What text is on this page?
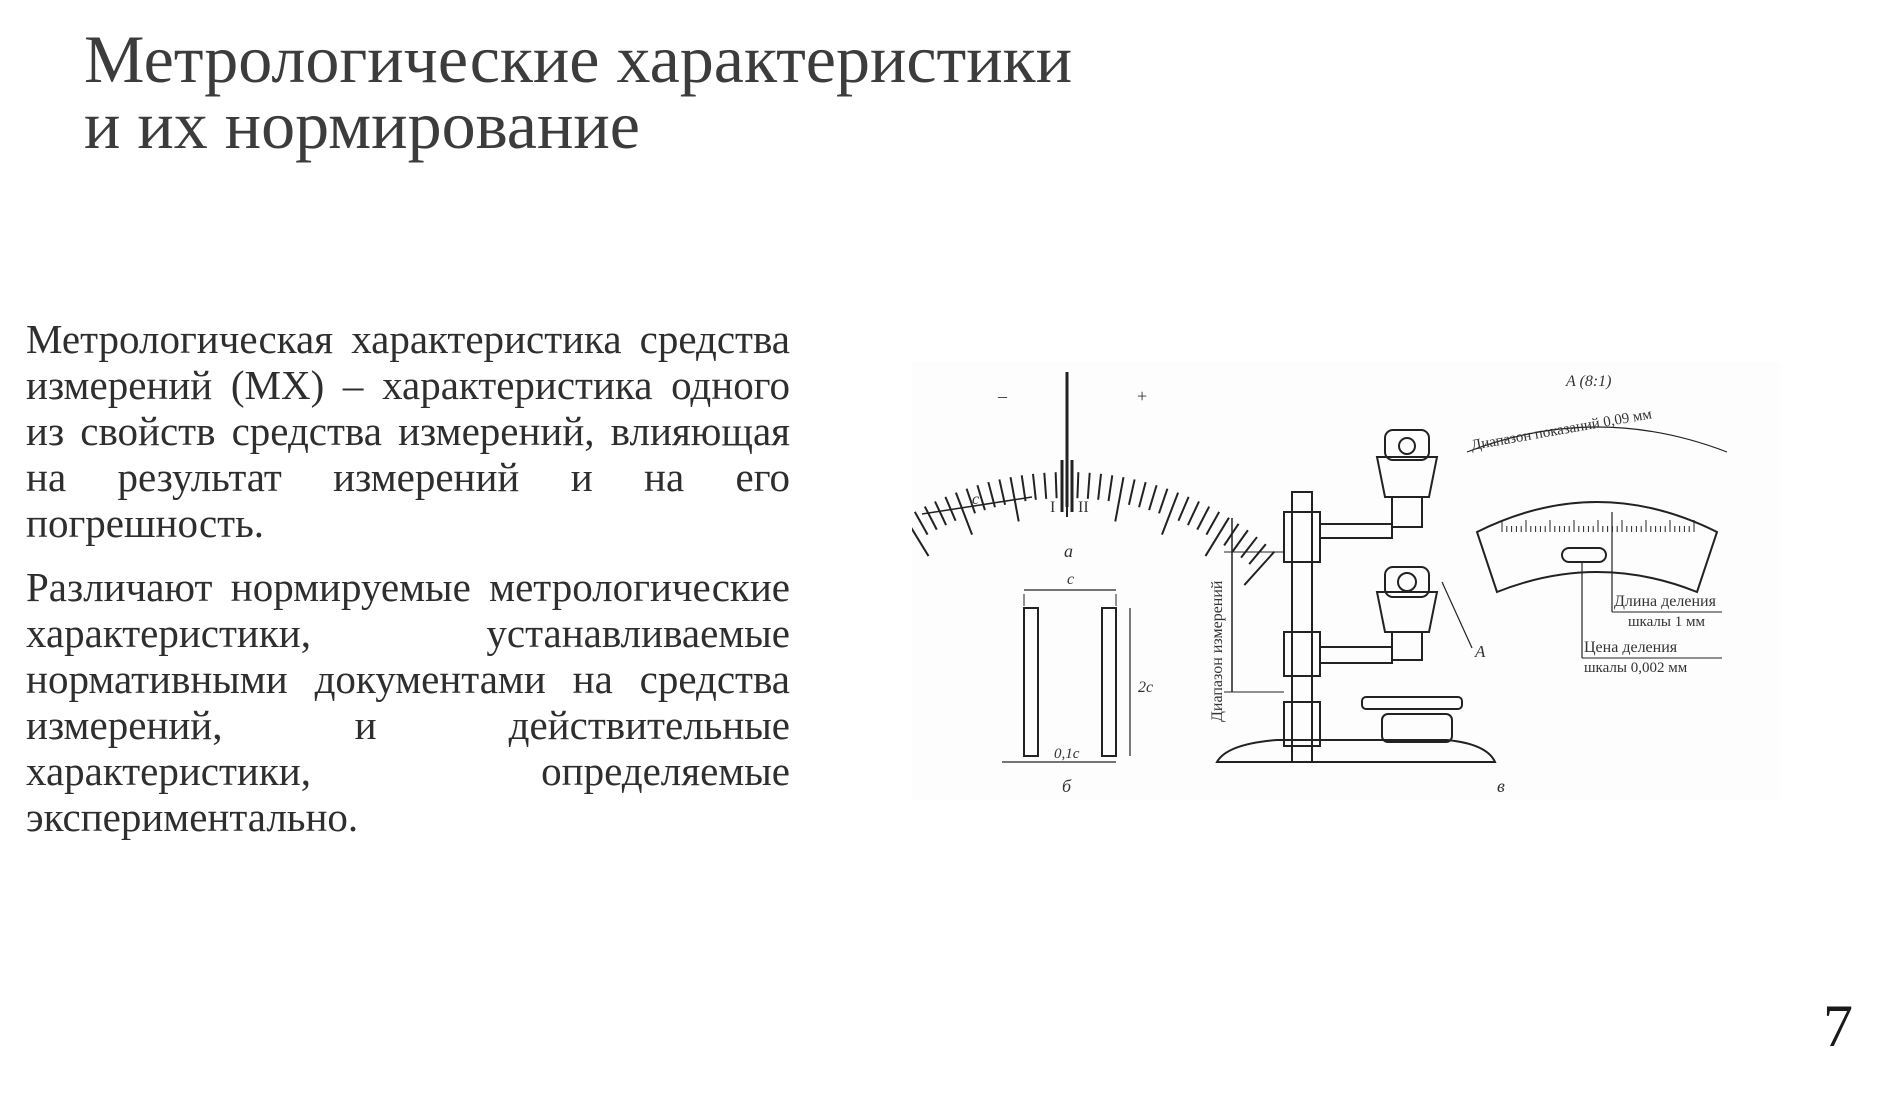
Метрологические характеристики
и их нормирование

Метрологическая характеристика средства измерений (МХ) – характеристика одного из свойств средства измерений, влияющая на результат измерений и на его погрешность.

Различают нормируемые метрологические характеристики, устанавливаемые нормативными документами на средства измерений, и действительные характеристики, определяемые экспериментально.

–	+
c	I II
а
c
2c
0,1c
б
Диапазон измерений
A (8:1)
Диапазон показаний 0,09 мм
A
Длина деления
шкалы 1 мм
Цена деления
шкалы 0,002 мм
в
7
